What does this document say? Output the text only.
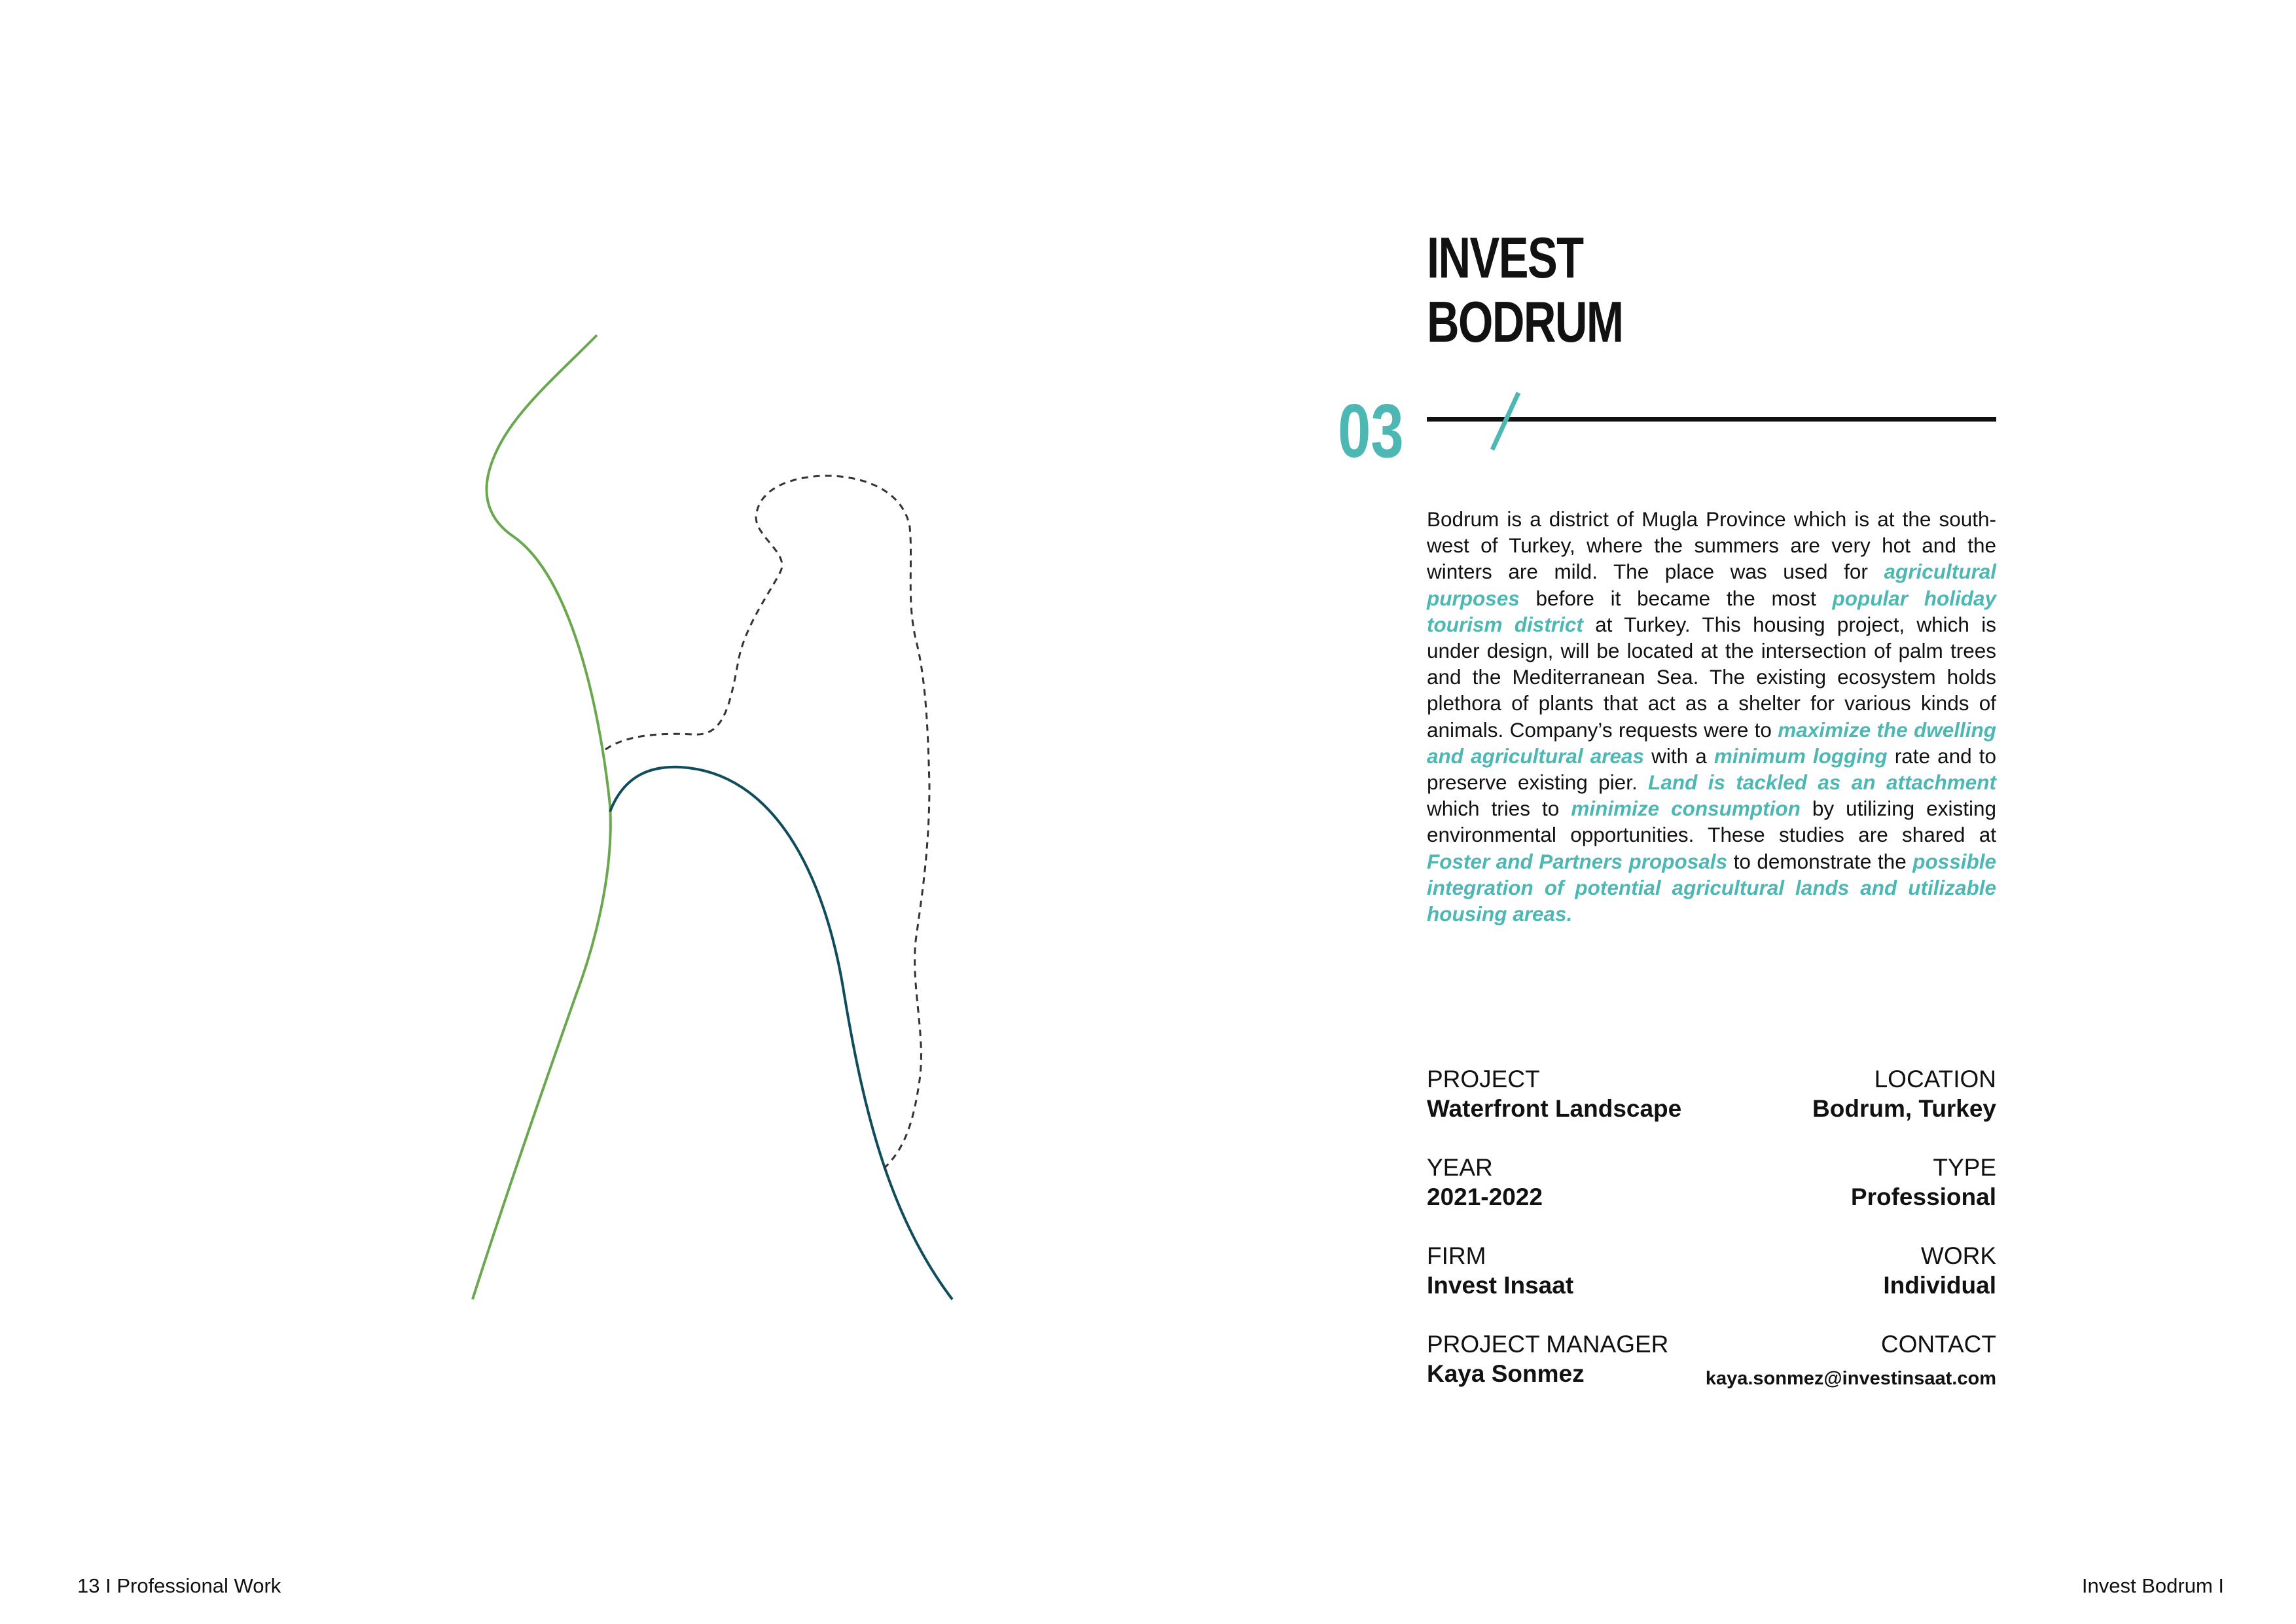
INVEST
BODRUM
03
Bodrum is a district of Mugla Province which is at the south-west of Turkey, where the summers are very hot and the winters are mild. The place was used for agricultural purposes before it became the most popular holiday tourism district at Turkey. This housing project, which is under design, will be located at the intersection of palm trees and the Mediterranean Sea. The existing ecosystem holds plethora of plants that act as a shelter for various kinds of animals. Company’s requests were to maximize the dwelling and agricultural areas with a minimum logging rate and to preserve existing pier. Land is tackled as an attachment which tries to minimize consumption by utilizing existing environmental opportunities. These studies are shared at Foster and Partners proposals to demonstrate the possible integration of potential agricultural lands and utilizable housing areas.
PROJECT
Waterfront Landscape
LOCATION
Bodrum, Turkey
YEAR
2021-2022
TYPE
Professional
FIRM
Invest Insaat
WORK
Individual
PROJECT MANAGER
Kaya Sonmez
CONTACT
kaya.sonmez@investinsaat.com
13 I Professional Work	Invest Bodrum I
